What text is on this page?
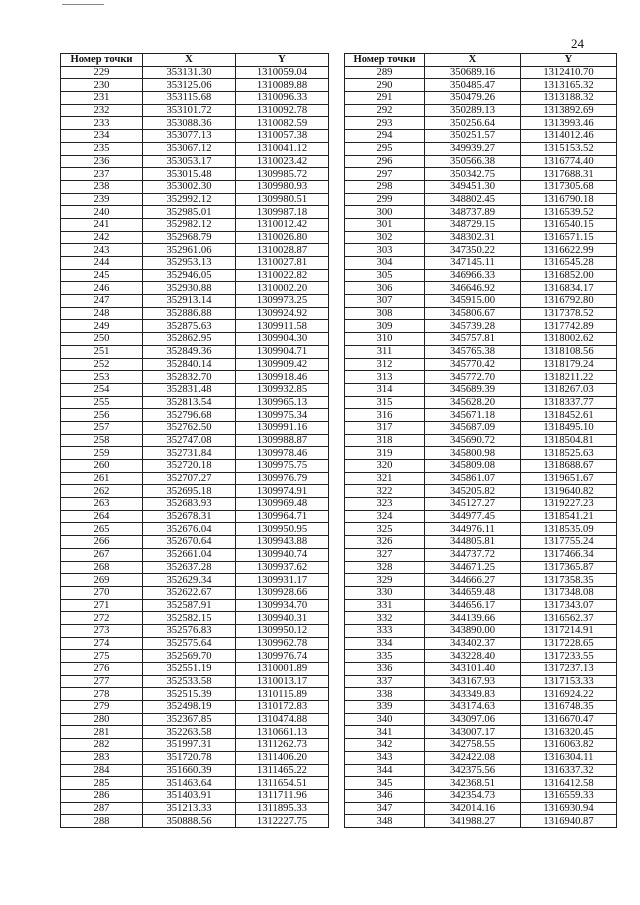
24
Номер точки	X	Y
229	353131.30	1310059.04
230	353125.06	1310089.88
231	353115.68	1310096.33
232	353101.72	1310092.78
233	353088.36	1310082.59
234	353077.13	1310057.38
235	353067.12	1310041.12
236	353053.17	1310023.42
237	353015.48	1309985.72
238	353002.30	1309980.93
239	352992.12	1309980.51
240	352985.01	1309987.18
241	352982.12	1310012.42
242	352968.79	1310026.80
243	352961.06	1310028.87
244	352953.13	1310027.81
245	352946.05	1310022.82
246	352930.88	1310002.20
247	352913.14	1309973.25
248	352886.88	1309924.92
249	352875.63	1309911.58
250	352862.95	1309904.30
251	352849.36	1309904.71
252	352840.14	1309909.42
253	352832.70	1309918.46
254	352831.48	1309932.85
255	352813.54	1309965.13
256	352796.68	1309975.34
257	352762.50	1309991.16
258	352747.08	1309988.87
259	352731.84	1309978.46
260	352720.18	1309975.75
261	352707.27	1309976.79
262	352695.18	1309974.91
263	352683.93	1309969.48
264	352678.31	1309964.71
265	352676.04	1309950.95
266	352670.64	1309943.88
267	352661.04	1309940.74
268	352637.28	1309937.62
269	352629.34	1309931.17
270	352622.67	1309928.66
271	352587.91	1309934.70
272	352582.15	1309940.31
273	352576.83	1309950.12
274	352575.64	1309962.78
275	352569.70	1309976.74
276	352551.19	1310001.89
277	352533.58	1310013.17
278	352515.39	1310115.89
279	352498.19	1310172.83
280	352367.85	1310474.88
281	352263.58	1310661.13
282	351997.31	1311262.73
283	351720.78	1311406.20
284	351660.39	1311465.22
285	351463.64	1311654.51
286	351403.91	1311711.96
287	351213.33	1311895.33
288	350888.56	1312227.75
Номер точки	X	Y
289	350689.16	1312410.70
290	350485.47	1313165.32
291	350479.26	1313188.32
292	350289.13	1313892.69
293	350256.64	1313993.46
294	350251.57	1314012.46
295	349939.27	1315153.52
296	350566.38	1316774.40
297	350342.75	1317688.31
298	349451.30	1317305.68
299	348802.45	1316790.18
300	348737.89	1316539.52
301	348729.15	1316540.15
302	348302.31	1316571.15
303	347350.22	1316622.99
304	347145.11	1316545.28
305	346966.33	1316852.00
306	346646.92	1316834.17
307	345915.00	1316792.80
308	345806.67	1317378.52
309	345739.28	1317742.89
310	345757.81	1318002.62
311	345765.38	1318108.56
312	345770.42	1318179.24
313	345772.70	1318211.22
314	345689.39	1318267.03
315	345628.20	1318337.77
316	345671.18	1318452.61
317	345687.09	1318495.10
318	345690.72	1318504.81
319	345800.98	1318525.63
320	345809.08	1318688.67
321	345861.07	1319651.67
322	345205.82	1319640.82
323	345127.27	1319227.23
324	344977.45	1318541.21
325	344976.11	1318535.09
326	344805.81	1317755.24
327	344737.72	1317466.34
328	344671.25	1317365.87
329	344666.27	1317358.35
330	344659.48	1317348.08
331	344656.17	1317343.07
332	344139.66	1316562.37
333	343890.00	1317214.91
334	343402.37	1317228.65
335	343228.40	1317233.55
336	343101.40	1317237.13
337	343167.93	1317153.33
338	343349.83	1316924.22
339	343174.63	1316748.35
340	343097.06	1316670.47
341	343007.17	1316320.45
342	342758.55	1316063.82
343	342422.08	1316304.11
344	342375.56	1316337.32
345	342368.51	1316412.58
346	342354.73	1316559.33
347	342014.16	1316930.94
348	341988.27	1316940.87
